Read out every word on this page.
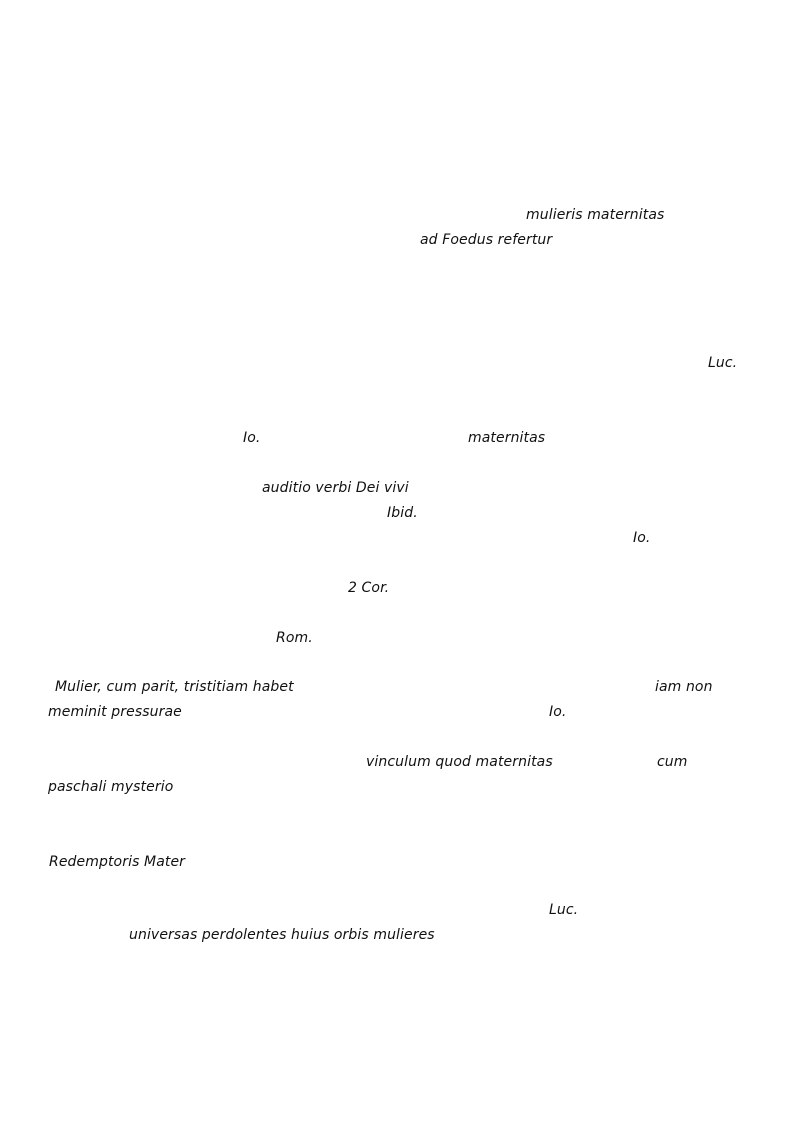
mulieris maternitas
ad Foedus refertur
Luc.
Io.	maternitas
auditio verbi Dei vivi
Ibid.
Io.
2 Cor.
Rom.
Mulier, cum parit, tristitiam habet	iam non
meminit pressurae	Io.
vinculum quod maternitas	cum
paschali mysterio
Redemptoris Mater
Luc.
universas perdolentes huius orbis mulieres
